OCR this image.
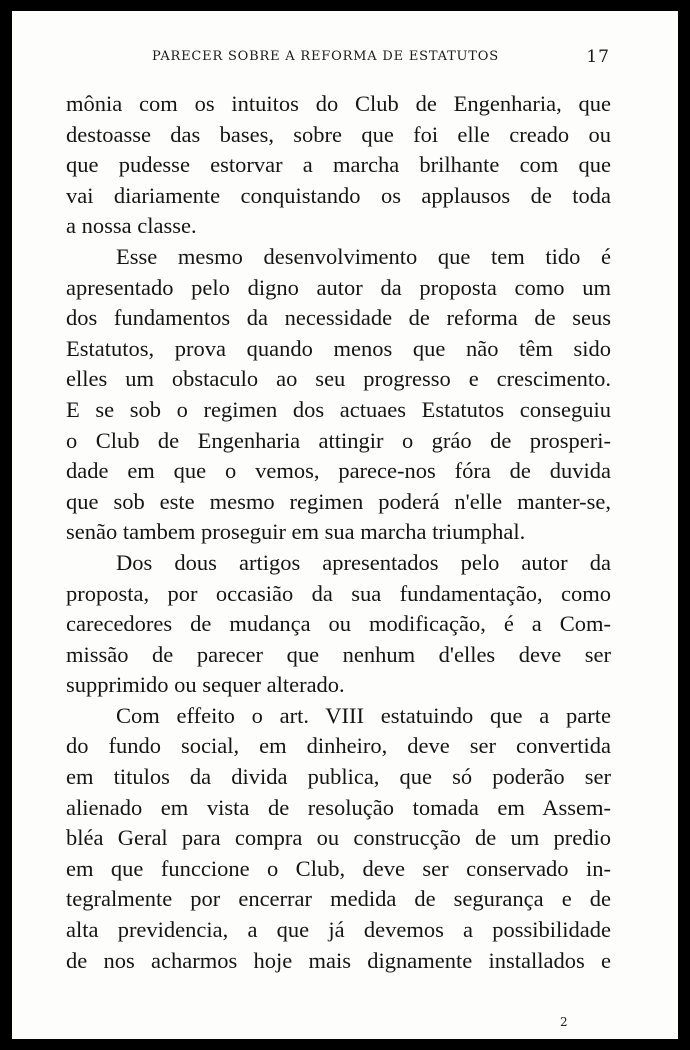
PARECER SOBRE A REFORMA DE ESTATUTOS	17
mônia com os intuitos do Club de Engenharia, que
destoasse das bases, sobre que foi elle creado ou
que pudesse estorvar a marcha brilhante com que
vai diariamente conquistando os applausos de toda
a nossa classe.
Esse mesmo desenvolvimento que tem tido é
apresentado pelo digno autor da proposta como um
dos fundamentos da necessidade de reforma de seus
Estatutos, prova quando menos que não têm sido
elles um obstaculo ao seu progresso e crescimento.
E se sob o regimen dos actuaes Estatutos conseguiu
o Club de Engenharia attingir o gráo de prosperi-
dade em que o vemos, parece-nos fóra de duvida
que sob este mesmo regimen poderá n'elle manter-se,
senão tambem proseguir em sua marcha triumphal.
Dos dous artigos apresentados pelo autor da
proposta, por occasião da sua fundamentação, como
carecedores de mudança ou modificação, é a Com-
missão de parecer que nenhum d'elles deve ser
supprimido ou sequer alterado.
Com effeito o art. VIII estatuindo que a parte
do fundo social, em dinheiro, deve ser convertida
em titulos da divida publica, que só poderão ser
alienado em vista de resolução tomada em Assem-
bléa Geral para compra ou construcção de um predio
em que funccione o Club, deve ser conservado in-
tegralmente por encerrar medida de segurança e de
alta previdencia, a que já devemos a possibilidade
de nos acharmos hoje mais dignamente installados e
2
